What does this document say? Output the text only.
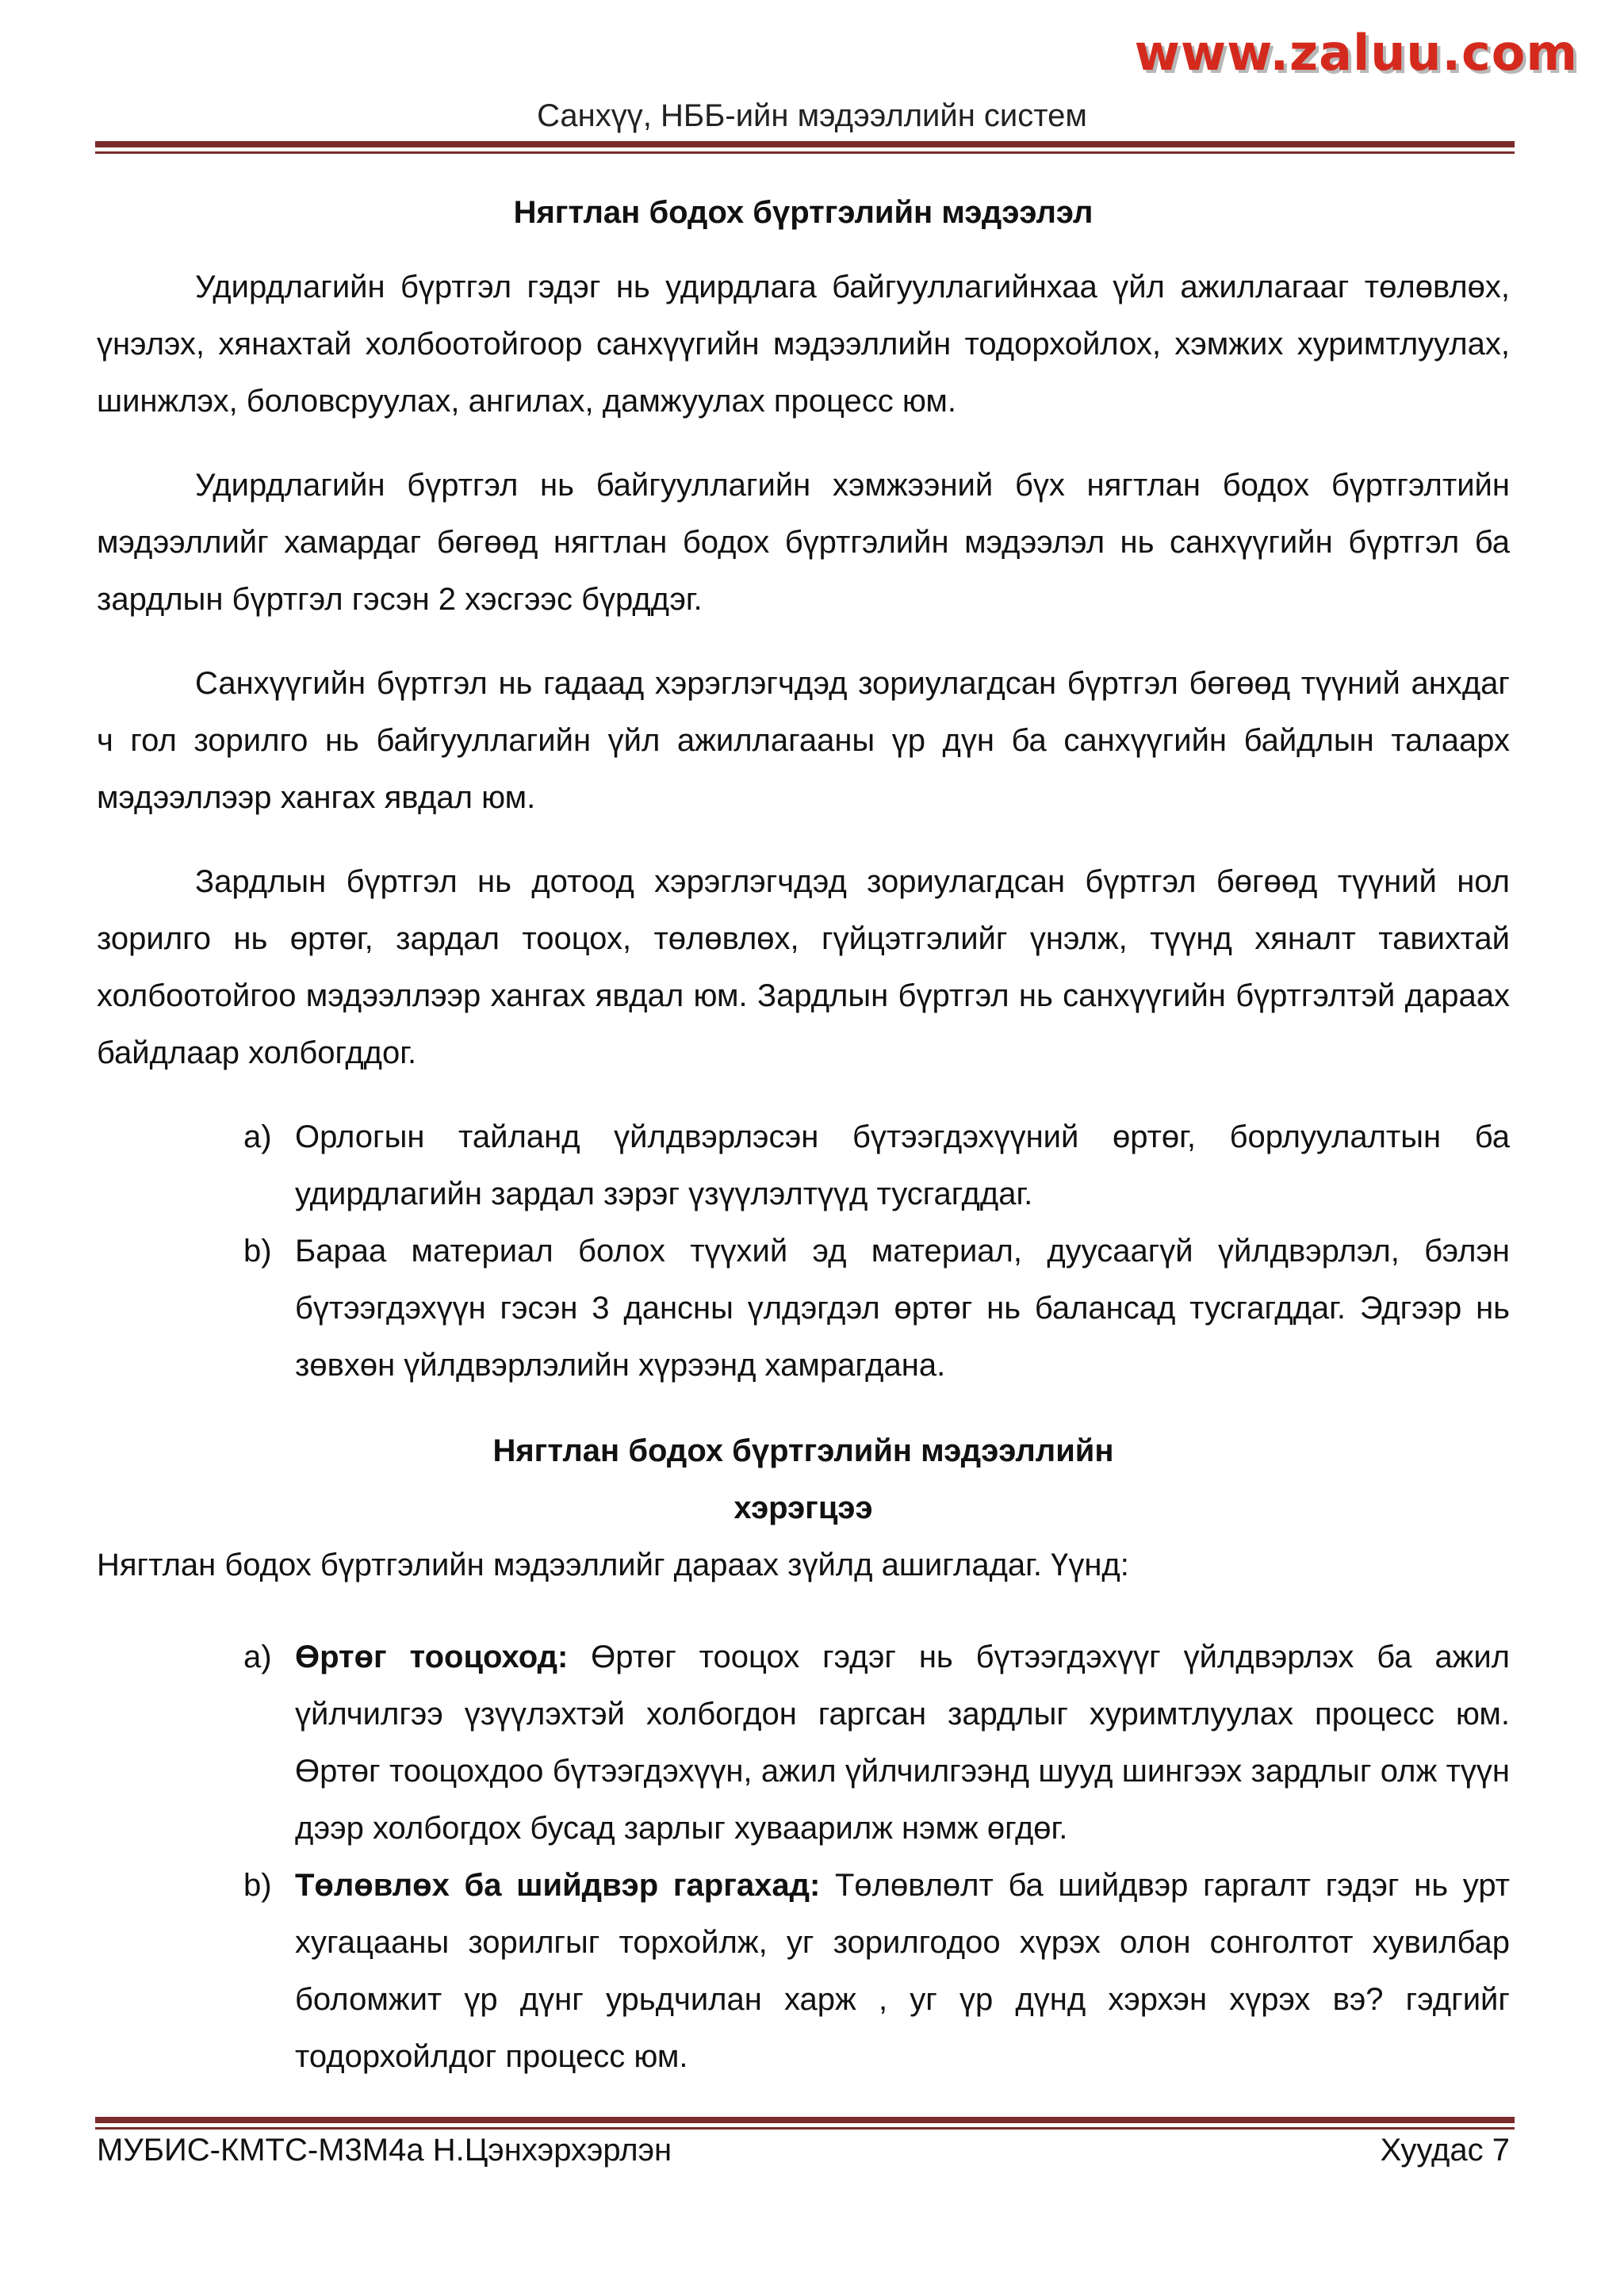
www.zaluu.com
Санхүү, НББ-ийн мэдээллийн систем

Нягтлан бодох бүртгэлийн мэдээлэл

Удирдлагийн бүртгэл гэдэг нь удирдлага байгууллагийнхаа үйл ажиллагааг төлөвлөх, үнэлэх, хянахтай холбоотойгоор санхүүгийн мэдээллийн тодорхойлох, хэмжих хуримтлуулах, шинжлэх, боловсруулах, ангилах, дамжуулах процесс юм.

Удирдлагийн бүртгэл нь байгууллагийн хэмжээний бүх нягтлан бодох бүртгэлтийн мэдээллийг хамардаг бөгөөд нягтлан бодох бүртгэлийн мэдээлэл нь санхүүгийн бүртгэл ба зардлын бүртгэл гэсэн 2 хэсгээс бүрддэг.

Санхүүгийн бүртгэл нь гадаад хэрэглэгчдэд зориулагдсан бүртгэл бөгөөд түүний анхдаг ч гол зорилго нь байгууллагийн үйл ажиллагааны үр дүн ба санхүүгийн байдлын талаарх мэдээллээр хангах явдал юм.

Зардлын бүртгэл нь дотоод хэрэглэгчдэд зориулагдсан бүртгэл бөгөөд түүний нол зорилго нь өртөг, зардал тооцох, төлөвлөх, гүйцэтгэлийг үнэлж, түүнд хяналт тавихтай холбоотойгоо мэдээллээр хангах явдал юм. Зардлын бүртгэл нь санхүүгийн бүртгэлтэй дараах байдлаар холбогддог.

a) Орлогын тайланд үйлдвэрлэсэн бүтээгдэхүүний өртөг, борлуулалтын ба удирдлагийн зардал зэрэг үзүүлэлтүүд тусгагддаг.
b) Бараа материал болох түүхий эд материал, дуусаагүй үйлдвэрлэл, бэлэн бүтээгдэхүүн гэсэн 3 дансны үлдэгдэл өртөг нь балансад тусгагддаг. Эдгээр нь зөвхөн үйлдвэрлэлийн хүрээнд хамрагдана.

Нягтлан бодох бүртгэлийн мэдээллийн

хэрэгцээ

Нягтлан бодох бүртгэлийн мэдээллийг дараах зүйлд ашигладаг. Үүнд:

a) Өртөг тооцоход: Өртөг тооцох гэдэг нь бүтээгдэхүүг үйлдвэрлэх ба ажил үйлчилгээ үзүүлэхтэй холбогдон гаргсан зардлыг хуримтлуулах процесс юм. Өртөг тооцохдоо бүтээгдэхүүн, ажил үйлчилгээнд шууд шингээх зардлыг олж түүн дээр холбогдох бусад зарлыг хуваарилж нэмж өгдөг.
b) Төлөвлөх ба шийдвэр гаргахад: Төлөвлөлт ба шийдвэр гаргалт гэдэг нь урт хугацааны зорилгыг торхойлж, уг зорилгодоо хүрэх олон сонголтот хувилбар боломжит үр дүнг урьдчилан харж , уг үр дүнд хэрхэн хүрэх вэ? гэдгийг тодорхойлдог процесс юм.
МУБИС-КМТС-М3М4а Н.Цэнхэрхэрлэн	Хуудас 7
